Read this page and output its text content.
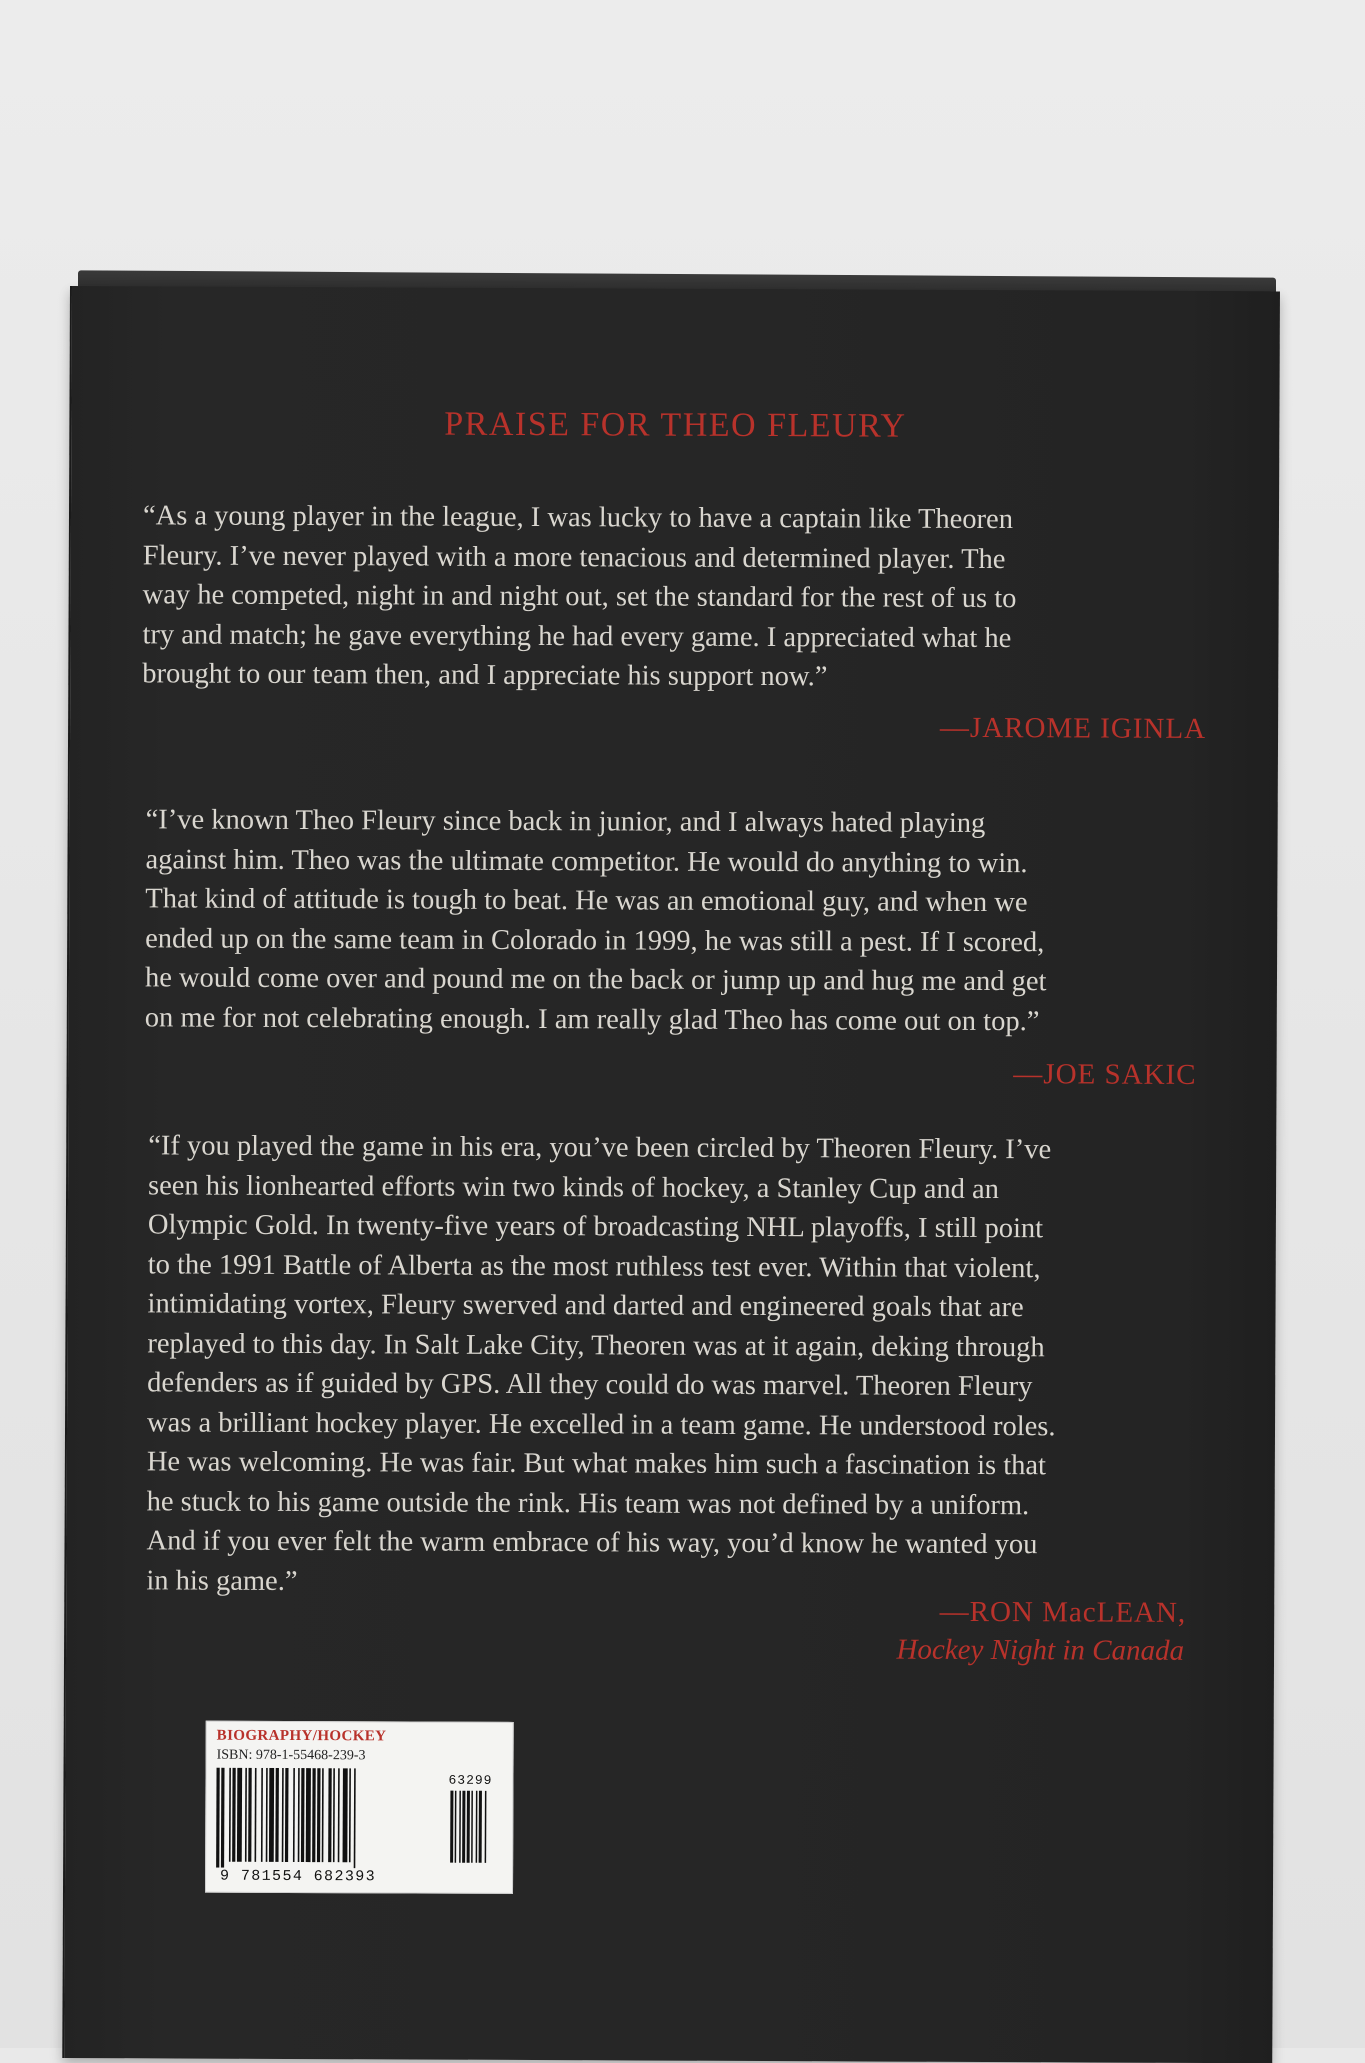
PRAISE FOR THEO FLEURY
“As a young player in the league, I was lucky to have a captain like Theoren
Fleury. I’ve never played with a more tenacious and determined player. The
way he competed, night in and night out, set the standard for the rest of us to
try and match; he gave everything he had every game. I appreciated what he
brought to our team then, and I appreciate his support now.”
—JAROME IGINLA
“I’ve known Theo Fleury since back in junior, and I always hated playing
against him. Theo was the ultimate competitor. He would do anything to win.
That kind of attitude is tough to beat. He was an emotional guy, and when we
ended up on the same team in Colorado in 1999, he was still a pest. If I scored,
he would come over and pound me on the back or jump up and hug me and get
on me for not celebrating enough. I am really glad Theo has come out on top.”
—JOE SAKIC
“If you played the game in his era, you’ve been circled by Theoren Fleury. I’ve
seen his lionhearted efforts win two kinds of hockey, a Stanley Cup and an
Olympic Gold. In twenty-five years of broadcasting NHL playoffs, I still point
to the 1991 Battle of Alberta as the most ruthless test ever. Within that violent,
intimidating vortex, Fleury swerved and darted and engineered goals that are
replayed to this day. In Salt Lake City, Theoren was at it again, deking through
defenders as if guided by GPS. All they could do was marvel. Theoren Fleury
was a brilliant hockey player. He excelled in a team game. He understood roles.
He was welcoming. He was fair. But what makes him such a fascination is that
he stuck to his game outside the rink. His team was not defined by a uniform.
And if you ever felt the warm embrace of his way, you’d know he wanted you
in his game.”
—RON MacLEAN,
Hockey Night in Canada
BIOGRAPHY/HOCKEY
ISBN: 978-1-55468-239-3
63299
9 781554 682393
